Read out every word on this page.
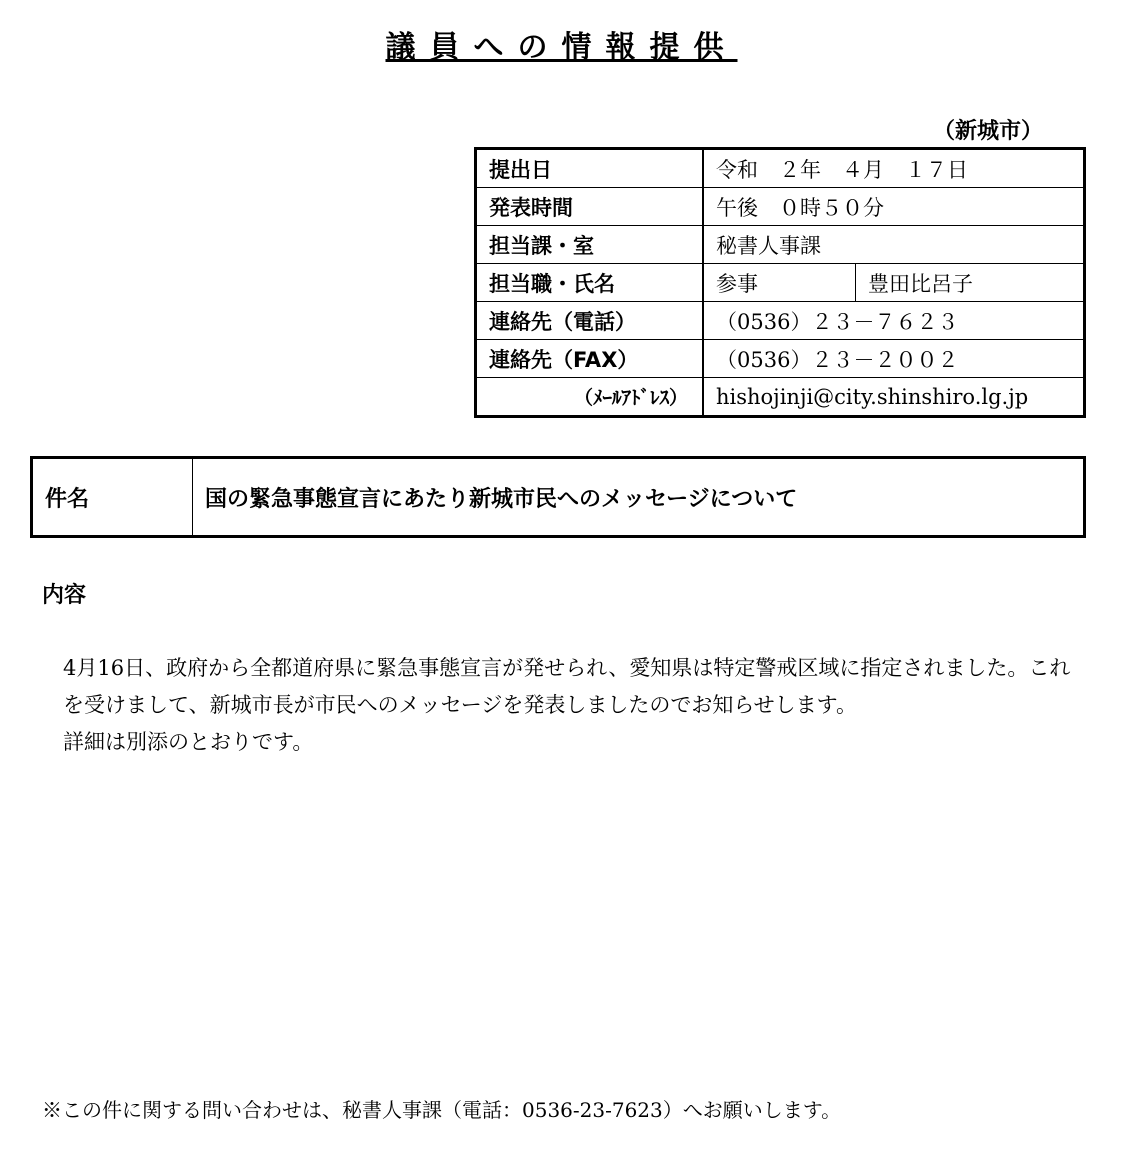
議員への情報提供
（新城市）
提出日	令和　２年　４月　１７日	
発表時間	午後　０時５０分	
担当課・室	秘書人事課	
担当職・氏名	参事	豊田比呂子
連絡先（電話）	（0536）２３－７６２３	
連絡先（FAX）	（0536）２３－２００２	
（ﾒｰﾙｱﾄﾞﾚｽ）	hishojinji@city.shinshiro.lg.jp	
件名	国の緊急事態宣言にあたり新城市民へのメッセージについて
内容

4月16日、政府から全都道府県に緊急事態宣言が発せられ、愛知県は特定警戒区域に指定されました。これを受けまして、新城市長が市民へのメッセージを発表しましたのでお知らせします。

詳細は別添のとおりです。

※この件に関する問い合わせは、秘書人事課（電話：0536-23-7623）へお願いします。
